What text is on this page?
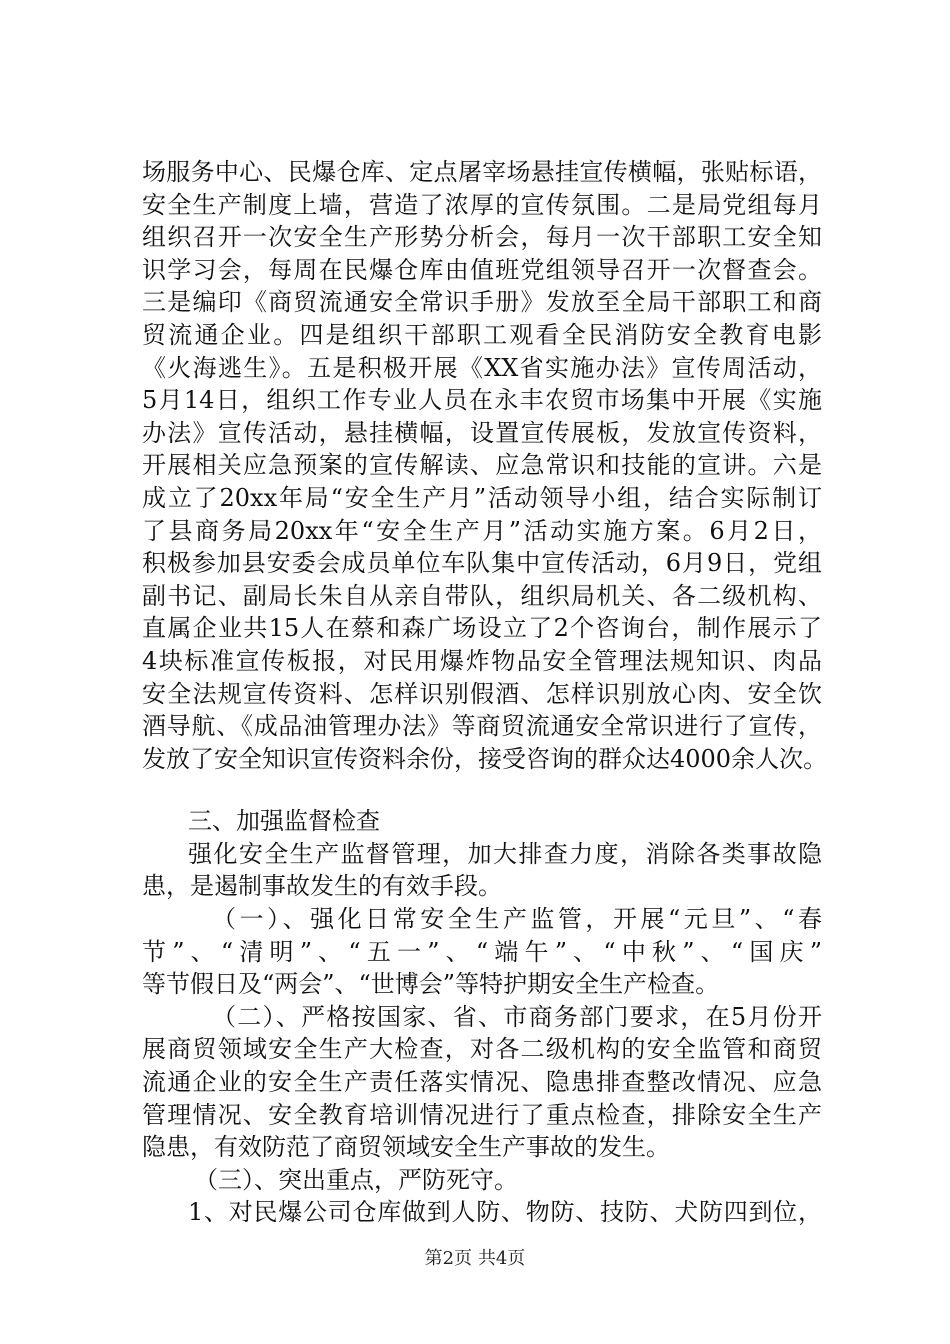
场服务中心、民爆仓库、定点屠宰场悬挂宣传横幅，张贴标语，
安全生产制度上墙，营造了浓厚的宣传氛围。二是局党组每月
组织召开一次安全生产形势分析会，每月一次干部职工安全知
识学习会，每周在民爆仓库由值班党组领导召开一次督查会。
三是编印《商贸流通安全常识手册》发放至全局干部职工和商
贸流通企业。四是组织干部职工观看全民消防安全教育电影
《火海逃生》。五是积极开展《XX省实施办法》宣传周活动，
5月14日，组织工作专业人员在永丰农贸市场集中开展《实施
办法》宣传活动，悬挂横幅，设置宣传展板，发放宣传资料，
开展相关应急预案的宣传解读、应急常识和技能的宣讲。六是
成立了20xx年局“安全生产月”活动领导小组，结合实际制订
了县商务局20xx年“安全生产月”活动实施方案。6月2日，
积极参加县安委会成员单位车队集中宣传活动，6月9日，党组
副书记、副局长朱自从亲自带队，组织局机关、各二级机构、
直属企业共15人在蔡和森广场设立了2个咨询台，制作展示了
4块标准宣传板报，对民用爆炸物品安全管理法规知识、肉品
安全法规宣传资料、怎样识别假酒、怎样识别放心肉、安全饮
酒导航、《成品油管理办法》等商贸流通安全常识进行了宣传，
发放了安全知识宣传资料余份，接受咨询的群众达4000余人次。
三、加强监督检查
强化安全生产监督管理，加大排查力度，消除各类事故隐
患，是遏制事故发生的有效手段。
（一）、强化日常安全生产监管，开展“元旦”、“春
节”、“清明”、“五一”、“端午”、“中秋”、“国庆”
等节假日及“两会”、“世博会”等特护期安全生产检查。
（二）、严格按国家、省、市商务部门要求，在5月份开
展商贸领域安全生产大检查，对各二级机构的安全监管和商贸
流通企业的安全生产责任落实情况、隐患排查整改情况、应急
管理情况、安全教育培训情况进行了重点检查，排除安全生产
隐患，有效防范了商贸领域安全生产事故的发生。
（三）、突出重点，严防死守。
1、对民爆公司仓库做到人防、物防、技防、犬防四到位，
第2页 共4页
